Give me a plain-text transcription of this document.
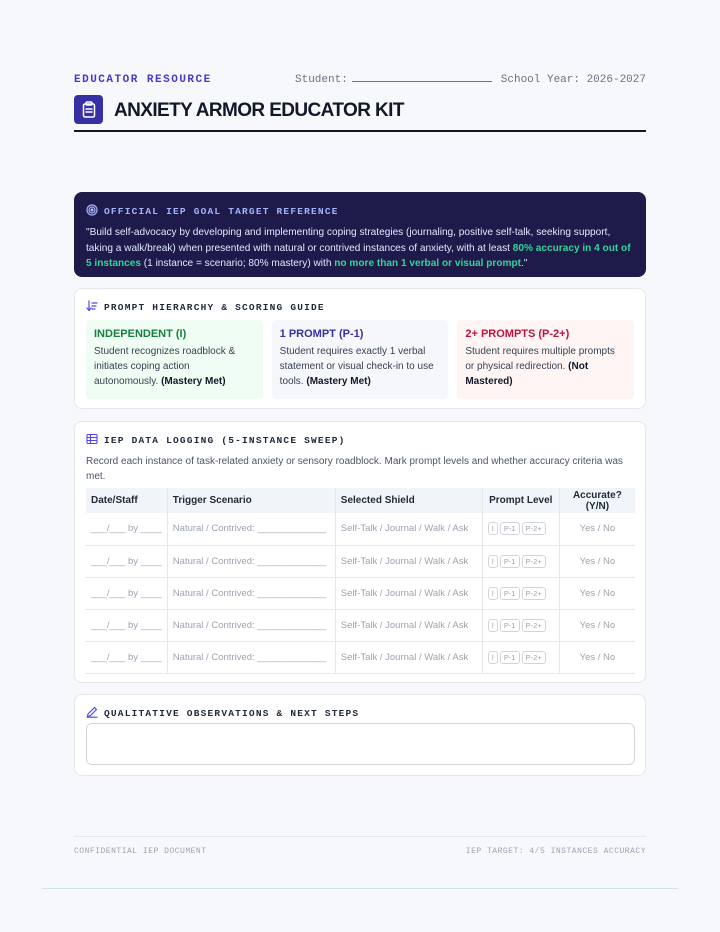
EDUCATOR RESOURCE	Student:	School Year: 2026-2027
ANXIETY ARMOR EDUCATOR KIT
OFFICIAL IEP GOAL TARGET REFERENCE

"Build self-advocacy by developing and implementing coping strategies (journaling, positive self-talk, seeking support, taking a walk/break) when presented with natural or contrived instances of anxiety, with at least 80% accuracy in 4 out of 5 instances (1 instance = scenario; 80% mastery) with no more than 1 verbal or visual prompt."

PROMPT HIERARCHY & SCORING GUIDE
INDEPENDENT (I)
Student recognizes roadblock & initiates coping action autonomously. (Mastery Met)
1 PROMPT (P-1)
Student requires exactly 1 verbal statement or visual check-in to use tools. (Mastery Met)
2+ PROMPTS (P-2+)
Student requires multiple prompts or physical redirection. (Not Mastered)
IEP DATA LOGGING (5-INSTANCE SWEEP)

Record each instance of task-related anxiety or sensory roadblock. Mark prompt levels and whether accuracy criteria was met.

Date/Staff	Trigger Scenario	Selected Shield	Prompt Level	Accurate? (Y/N)
___/___ by ____	Natural / Contrived: _____________	Self-Talk / Journal / Walk / Ask	I P-1 P-2+	Yes / No
___/___ by ____	Natural / Contrived: _____________	Self-Talk / Journal / Walk / Ask	I P-1 P-2+	Yes / No
___/___ by ____	Natural / Contrived: _____________	Self-Talk / Journal / Walk / Ask	I P-1 P-2+	Yes / No
___/___ by ____	Natural / Contrived: _____________	Self-Talk / Journal / Walk / Ask	I P-1 P-2+	Yes / No
___/___ by ____	Natural / Contrived: _____________	Self-Talk / Journal / Walk / Ask	I P-1 P-2+	Yes / No
QUALITATIVE OBSERVATIONS & NEXT STEPS
CONFIDENTIAL IEP DOCUMENT	IEP TARGET: 4/5 INSTANCES ACCURACY
